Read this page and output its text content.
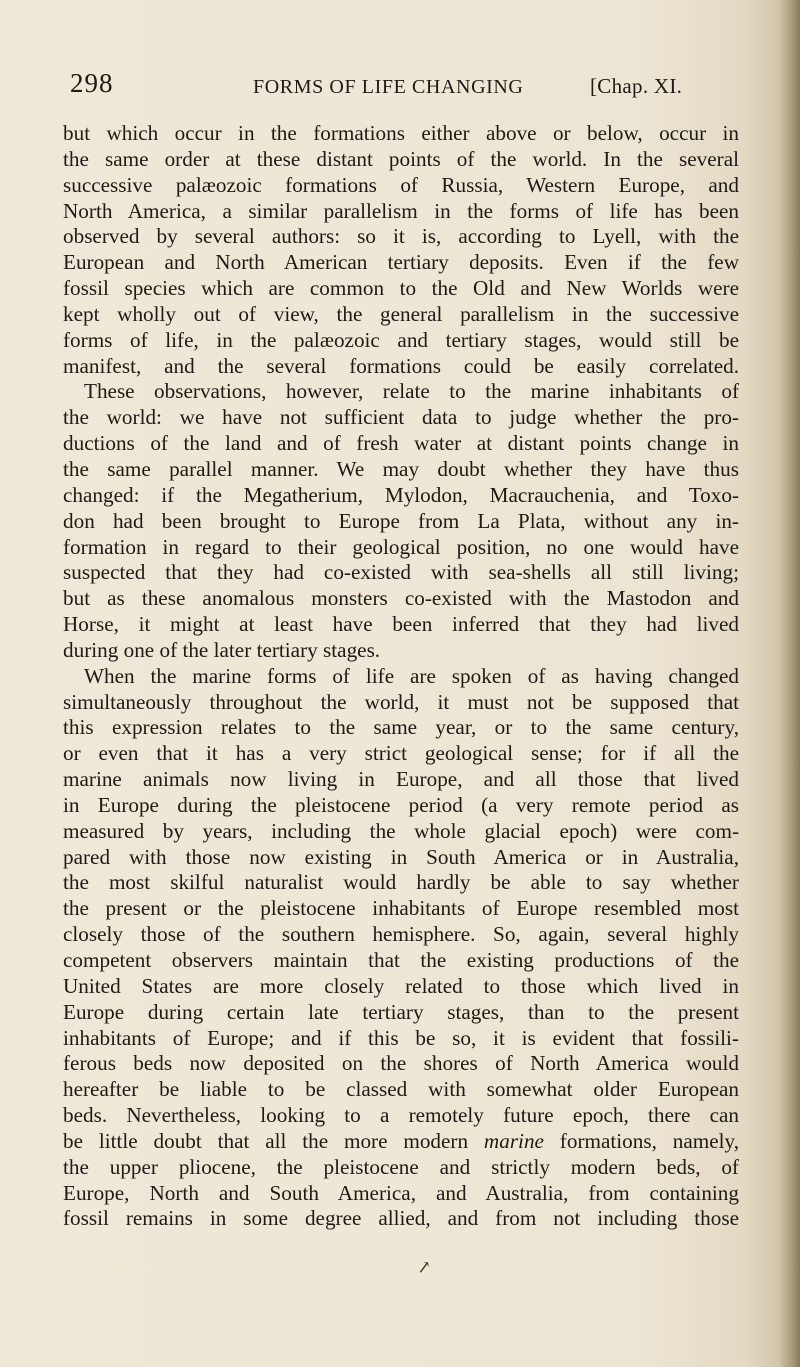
298	FORMS OF LIFE CHANGING	[Chap. XI.
but which occur in the formations either above or below, occur in
the same order at these distant points of the world. In the several
successive palæozoic formations of Russia, Western Europe, and
North America, a similar parallelism in the forms of life has been
observed by several authors: so it is, according to Lyell, with the
European and North American tertiary deposits. Even if the few
fossil species which are common to the Old and New Worlds were
kept wholly out of view, the general parallelism in the successive
forms of life, in the palæozoic and tertiary stages, would still be
manifest, and the several formations could be easily correlated.
These observations, however, relate to the marine inhabitants of
the world: we have not sufficient data to judge whether the pro-
ductions of the land and of fresh water at distant points change in
the same parallel manner. We may doubt whether they have thus
changed: if the Megatherium, Mylodon, Macrauchenia, and Toxo-
don had been brought to Europe from La Plata, without any in-
formation in regard to their geological position, no one would have
suspected that they had co-existed with sea-shells all still living;
but as these anomalous monsters co-existed with the Mastodon and
Horse, it might at least have been inferred that they had lived
during one of the later tertiary stages.
When the marine forms of life are spoken of as having changed
simultaneously throughout the world, it must not be supposed that
this expression relates to the same year, or to the same century,
or even that it has a very strict geological sense; for if all the
marine animals now living in Europe, and all those that lived
in Europe during the pleistocene period (a very remote period as
measured by years, including the whole glacial epoch) were com-
pared with those now existing in South America or in Australia,
the most skilful naturalist would hardly be able to say whether
the present or the pleistocene inhabitants of Europe resembled most
closely those of the southern hemisphere. So, again, several highly
competent observers maintain that the existing productions of the
United States are more closely related to those which lived in
Europe during certain late tertiary stages, than to the present
inhabitants of Europe; and if this be so, it is evident that fossili-
ferous beds now deposited on the shores of North America would
hereafter be liable to be classed with somewhat older European
beds. Nevertheless, looking to a remotely future epoch, there can
be little doubt that all the more modern marine formations, namely,
the upper pliocene, the pleistocene and strictly modern beds, of
Europe, North and South America, and Australia, from containing
fossil remains in some degree allied, and from not including those
↗
